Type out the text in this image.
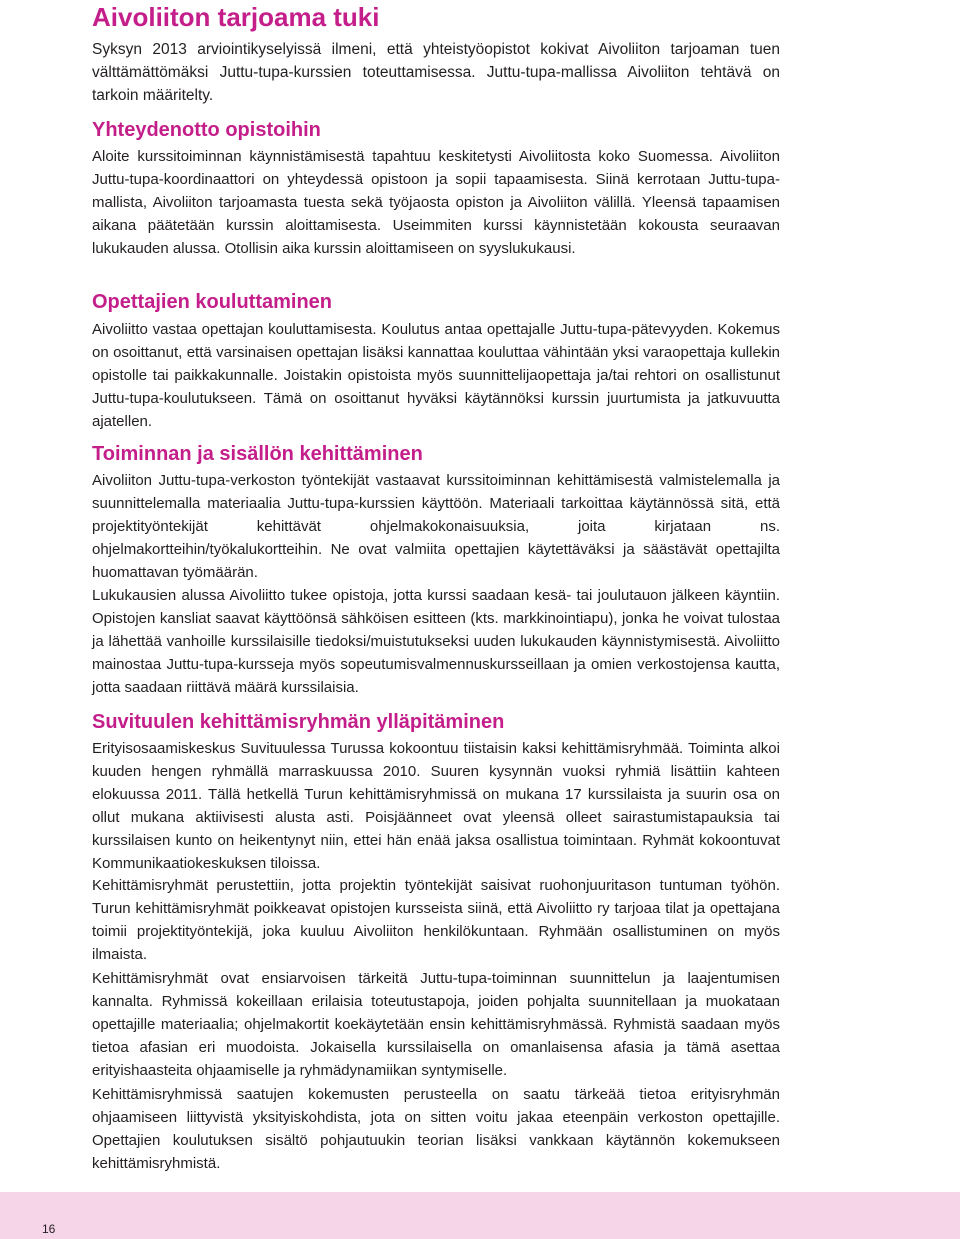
Aivoliiton tarjoama tuki

Syksyn 2013 arviointikyselyissä ilmeni, että yhteistyöopistot kokivat Aivoliiton tarjoaman tuen välttämättömäksi Juttu-tupa-kurssien toteuttamisessa. Juttu-tupa-mallissa Aivoliiton tehtävä on tarkoin määritelty.

Yhteydenotto opistoihin

Aloite kurssitoiminnan käynnistämisestä tapahtuu keskitetysti Aivoliitosta koko Suomessa. Aivoliiton Juttu-tupa-koordinaattori on yhteydessä opistoon ja sopii tapaamisesta. Siinä kerrotaan Juttu-tupa-mallista, Aivoliiton tarjoamasta tuesta sekä työjaosta opiston ja Aivoliiton välillä. Yleensä tapaamisen aikana päätetään kurssin aloittamisesta. Useimmiten kurssi käynnistetään kokousta seuraavan lukukauden alussa. Otollisin aika kurssin aloittamiseen on syyslukukausi.

Opettajien kouluttaminen

Aivoliitto vastaa opettajan kouluttamisesta. Koulutus antaa opettajalle Juttu-tupa-pätevyyden. Kokemus on osoittanut, että varsinaisen opettajan lisäksi kannattaa kouluttaa vähintään yksi varaopettaja kullekin opistolle tai paikkakunnalle. Joistakin opistoista myös suunnittelijaopettaja ja/tai rehtori on osallistunut Juttu-tupa-koulutukseen. Tämä on osoittanut hyväksi käytännöksi kurssin juurtumista ja jatkuvuutta ajatellen.

Toiminnan ja sisällön kehittäminen

Aivoliiton Juttu-tupa-verkoston työntekijät vastaavat kurssitoiminnan kehittämisestä valmistelemalla ja suunnittelemalla materiaalia Juttu-tupa-kurssien käyttöön. Materiaali tarkoittaa käytännössä sitä, että projektityöntekijät kehittävät ohjelmakokonaisuuksia, joita kirjataan ns. ohjelmakortteihin/työkalukortteihin. Ne ovat valmiita opettajien käytettäväksi ja säästävät opettajilta huomattavan työmäärän.

Lukukausien alussa Aivoliitto tukee opistoja, jotta kurssi saadaan kesä- tai joulutauon jälkeen käyntiin. Opistojen kansliat saavat käyttöönsä sähköisen esitteen (kts. markkinointiapu), jonka he voivat tulostaa ja lähettää vanhoille kurssilaisille tiedoksi/muistutukseksi uuden lukukauden käynnistymisestä. Aivoliitto mainostaa Juttu-tupa-kursseja myös sopeutumisvalmennuskursseillaan ja omien verkostojensa kautta, jotta saadaan riittävä määrä kurssilaisia.

Suvituulen kehittämisryhmän ylläpitäminen

Erityisosaamiskeskus Suvituulessa Turussa kokoontuu tiistaisin kaksi kehittämisryhmää. Toiminta alkoi kuuden hengen ryhmällä marraskuussa 2010. Suuren kysynnän vuoksi ryhmiä lisättiin kahteen elokuussa 2011. Tällä hetkellä Turun kehittämisryhmissä on mukana 17 kurssilaista ja suurin osa on ollut mukana aktiivisesti alusta asti. Poisjäänneet ovat yleensä olleet sairastumistapauksia tai kurssilaisen kunto on heikentynyt niin, ettei hän enää jaksa osallistua toimintaan. Ryhmät kokoontuvat Kommunikaatiokeskuksen tiloissa.

Kehittämisryhmät perustettiin, jotta projektin työntekijät saisivat ruohonjuuritason tuntuman työhön. Turun kehittämisryhmät poikkeavat opistojen kursseista siinä, että Aivoliitto ry tarjoaa tilat ja opettajana toimii projektityöntekijä, joka kuuluu Aivoliiton henkilökuntaan. Ryhmään osallistuminen on myös ilmaista.

Kehittämisryhmät ovat ensiarvoisen tärkeitä Juttu-tupa-toiminnan suunnittelun ja laajentumisen kannalta. Ryhmissä kokeillaan erilaisia toteutustapoja, joiden pohjalta suunnitellaan ja muokataan opettajille materiaalia; ohjelmakortit koekäytetään ensin kehittämisryhmässä. Ryhmistä saadaan myös tietoa afasian eri muodoista. Jokaisella kurssilaisella on omanlaisensa afasia ja tämä asettaa erityishaasteita ohjaamiselle ja ryhmädynamiikan syntymiselle.

Kehittämisryhmissä saatujen kokemusten perusteella on saatu tärkeää tietoa erityisryhmän ohjaamiseen liittyvistä yksityiskohdista, jota on sitten voitu jakaa eteenpäin verkoston opettajille. Opettajien koulutuksen sisältö pohjautuukin teorian lisäksi vankkaan käytännön kokemukseen kehittämisryhmistä.

16
